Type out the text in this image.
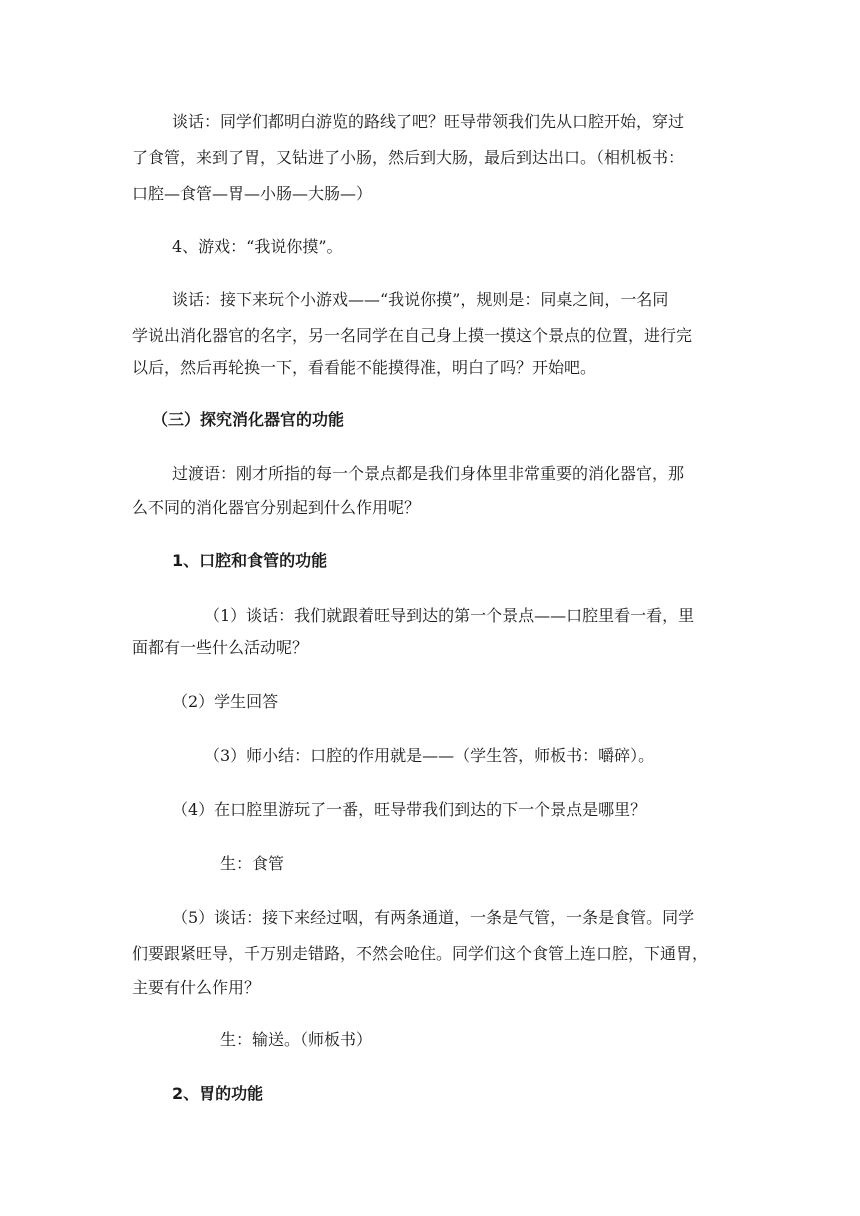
谈话：同学们都明白游览的路线了吧？旺导带领我们先从口腔开始，穿过
了食管，来到了胃，又钻进了小肠，然后到大肠，最后到达出口。（相机板书：
口腔—食管—胃—小肠—大肠—）
4、游戏：“我说你摸”。
谈话：接下来玩个小游戏——“我说你摸”，规则是：同桌之间，一名同
学说出消化器官的名字，另一名同学在自己身上摸一摸这个景点的位置，进行完
以后，然后再轮换一下，看看能不能摸得准，明白了吗？开始吧。
（三）探究消化器官的功能
过渡语：刚才所指的每一个景点都是我们身体里非常重要的消化器官，那
么不同的消化器官分别起到什么作用呢？
1、口腔和食管的功能
（1）谈话：我们就跟着旺导到达的第一个景点——口腔里看一看，里
面都有一些什么活动呢？
（2）学生回答
（3）师小结：口腔的作用就是——（学生答，师板书：嚼碎）。
（4）在口腔里游玩了一番，旺导带我们到达的下一个景点是哪里？
生：食管
（5）谈话：接下来经过咽，有两条通道，一条是气管，一条是食管。同学
们要跟紧旺导，千万别走错路，不然会呛住。同学们这个食管上连口腔，下通胃，
主要有什么作用？
生：输送。（师板书）
2、胃的功能
